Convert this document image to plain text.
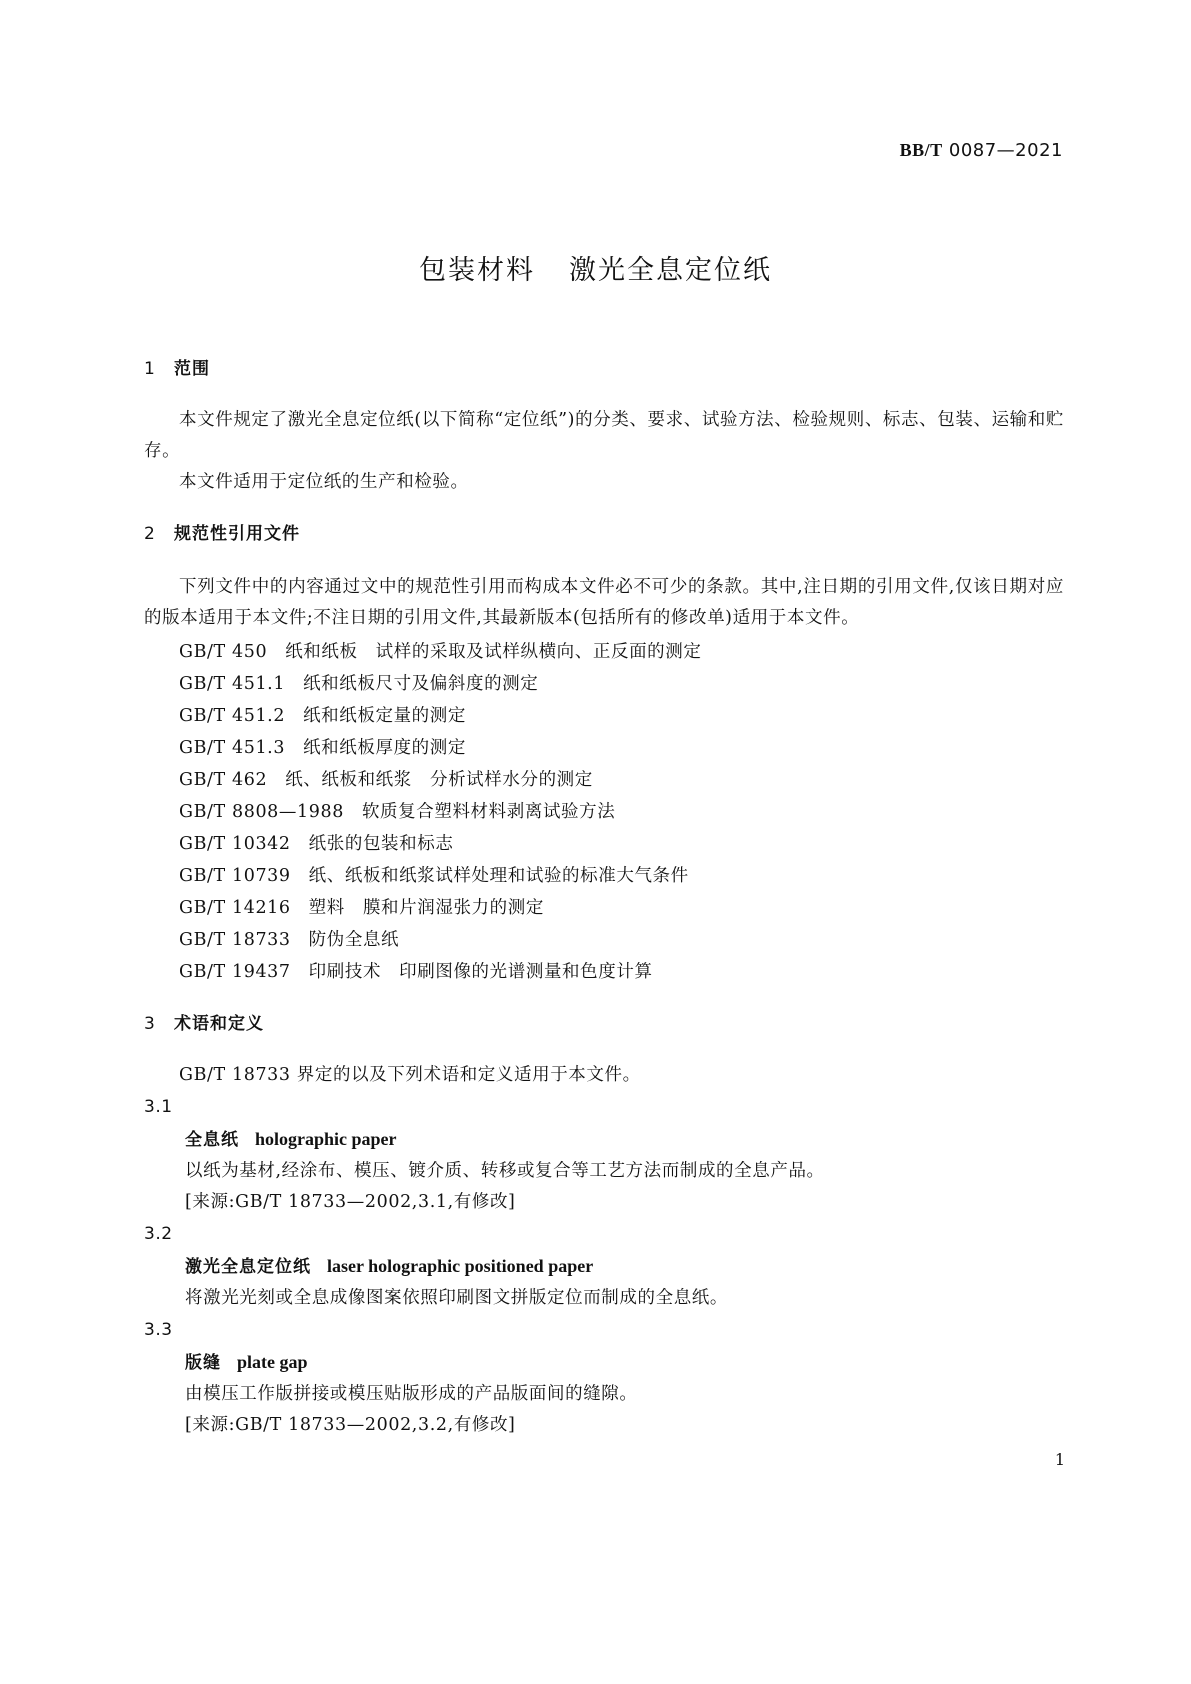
BB/T 0087—2021
包装材料 激光全息定位纸
1 范围

本文件规定了激光全息定位纸(以下简称“定位纸”)的分类、要求、试验方法、检验规则、标志、包装、运输和贮存。

本文件适用于定位纸的生产和检验。

2 规范性引用文件

下列文件中的内容通过文中的规范性引用而构成本文件必不可少的条款。其中,注日期的引用文件,仅该日期对应的版本适用于本文件;不注日期的引用文件,其最新版本(包括所有的修改单)适用于本文件。

GB/T 450 纸和纸板　试样的采取及试样纵横向、正反面的测定

GB/T 451.1 纸和纸板尺寸及偏斜度的测定

GB/T 451.2 纸和纸板定量的测定

GB/T 451.3 纸和纸板厚度的测定

GB/T 462 纸、纸板和纸浆　分析试样水分的测定

GB/T 8808—1988 软质复合塑料材料剥离试验方法

GB/T 10342 纸张的包装和标志

GB/T 10739 纸、纸板和纸浆试样处理和试验的标准大气条件

GB/T 14216 塑料　膜和片润湿张力的测定

GB/T 18733 防伪全息纸

GB/T 19437 印刷技术　印刷图像的光谱测量和色度计算

3 术语和定义

GB/T 18733 界定的以及下列术语和定义适用于本文件。

3.1

全息纸 holographic paper

以纸为基材,经涂布、模压、镀介质、转移或复合等工艺方法而制成的全息产品。

[来源:GB/T 18733—2002,3.1,有修改]

3.2

激光全息定位纸 laser holographic positioned paper

将激光光刻或全息成像图案依照印刷图文拼版定位而制成的全息纸。

3.3

版缝 plate gap

由模压工作版拼接或模压贴版形成的产品版面间的缝隙。

[来源:GB/T 18733—2002,3.2,有修改]

1
